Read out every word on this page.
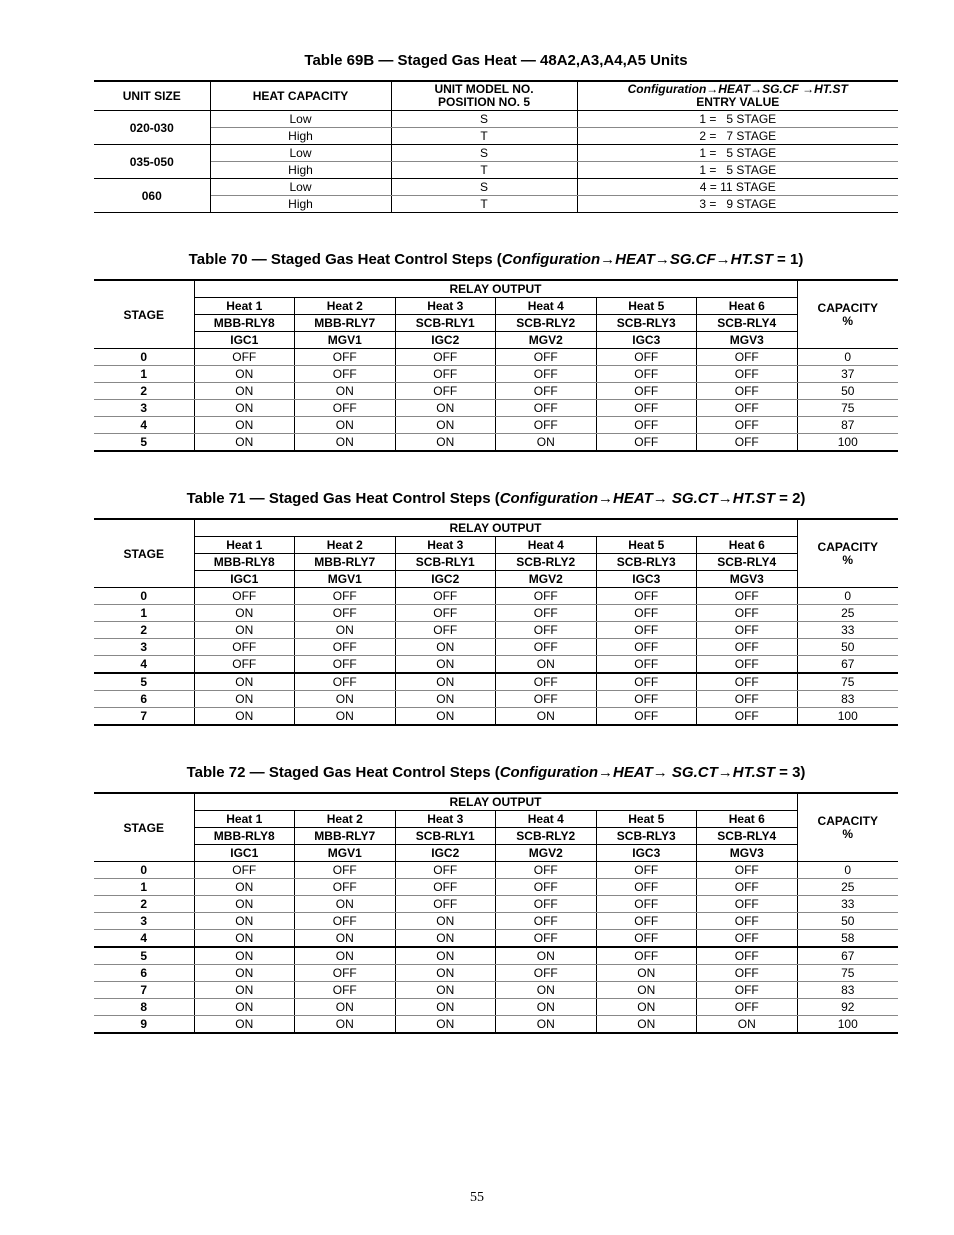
Table 69B — Staged Gas Heat — 48A2,A3,A4,A5 Units
UNIT SIZE	HEAT CAPACITY	UNIT MODEL NO.
POSITION NO. 5	Configuration→HEAT→SG.CF →HT.ST
ENTRY VALUE
020-030	Low	S	1 =   5 STAGE
	High	T	2 =   7 STAGE
035-050	Low	S	1 =   5 STAGE
	High	T	1 =   5 STAGE
060	Low	S	4 = 11 STAGE
	High	T	3 =   9 STAGE
Table 70 — Staged Gas Heat Control Steps (Configuration→HEAT→SG.CF→HT.ST = 1)
STAGE	RELAY OUTPUT						CAPACITY
%
	Heat 1	Heat 2	Heat 3	Heat 4	Heat 5	Heat 6	
	MBB-RLY8	MBB-RLY7	SCB-RLY1	SCB-RLY2	SCB-RLY3	SCB-RLY4	
	IGC1	MGV1	IGC2	MGV2	IGC3	MGV3	
0	OFF	OFF	OFF	OFF	OFF	OFF	0
1	ON	OFF	OFF	OFF	OFF	OFF	37
2	ON	ON	OFF	OFF	OFF	OFF	50
3	ON	OFF	ON	OFF	OFF	OFF	75
4	ON	ON	ON	OFF	OFF	OFF	87
5	ON	ON	ON	ON	OFF	OFF	100
Table 71 — Staged Gas Heat Control Steps (Configuration→HEAT→ SG.CT→HT.ST = 2)
STAGE	RELAY OUTPUT						CAPACITY
%
	Heat 1	Heat 2	Heat 3	Heat 4	Heat 5	Heat 6	
	MBB-RLY8	MBB-RLY7	SCB-RLY1	SCB-RLY2	SCB-RLY3	SCB-RLY4	
	IGC1	MGV1	IGC2	MGV2	IGC3	MGV3	
0	OFF	OFF	OFF	OFF	OFF	OFF	0
1	ON	OFF	OFF	OFF	OFF	OFF	25
2	ON	ON	OFF	OFF	OFF	OFF	33
3	OFF	OFF	ON	OFF	OFF	OFF	50
4	OFF	OFF	ON	ON	OFF	OFF	67
5	ON	OFF	ON	OFF	OFF	OFF	75
6	ON	ON	ON	OFF	OFF	OFF	83
7	ON	ON	ON	ON	OFF	OFF	100
Table 72 — Staged Gas Heat Control Steps (Configuration→HEAT→ SG.CT→HT.ST = 3)
STAGE	RELAY OUTPUT						CAPACITY
%
	Heat 1	Heat 2	Heat 3	Heat 4	Heat 5	Heat 6	
	MBB-RLY8	MBB-RLY7	SCB-RLY1	SCB-RLY2	SCB-RLY3	SCB-RLY4	
	IGC1	MGV1	IGC2	MGV2	IGC3	MGV3	
0	OFF	OFF	OFF	OFF	OFF	OFF	0
1	ON	OFF	OFF	OFF	OFF	OFF	25
2	ON	ON	OFF	OFF	OFF	OFF	33
3	ON	OFF	ON	OFF	OFF	OFF	50
4	ON	ON	ON	OFF	OFF	OFF	58
5	ON	ON	ON	ON	OFF	OFF	67
6	ON	OFF	ON	OFF	ON	OFF	75
7	ON	OFF	ON	ON	ON	OFF	83
8	ON	ON	ON	ON	ON	OFF	92
9	ON	ON	ON	ON	ON	ON	100
55
